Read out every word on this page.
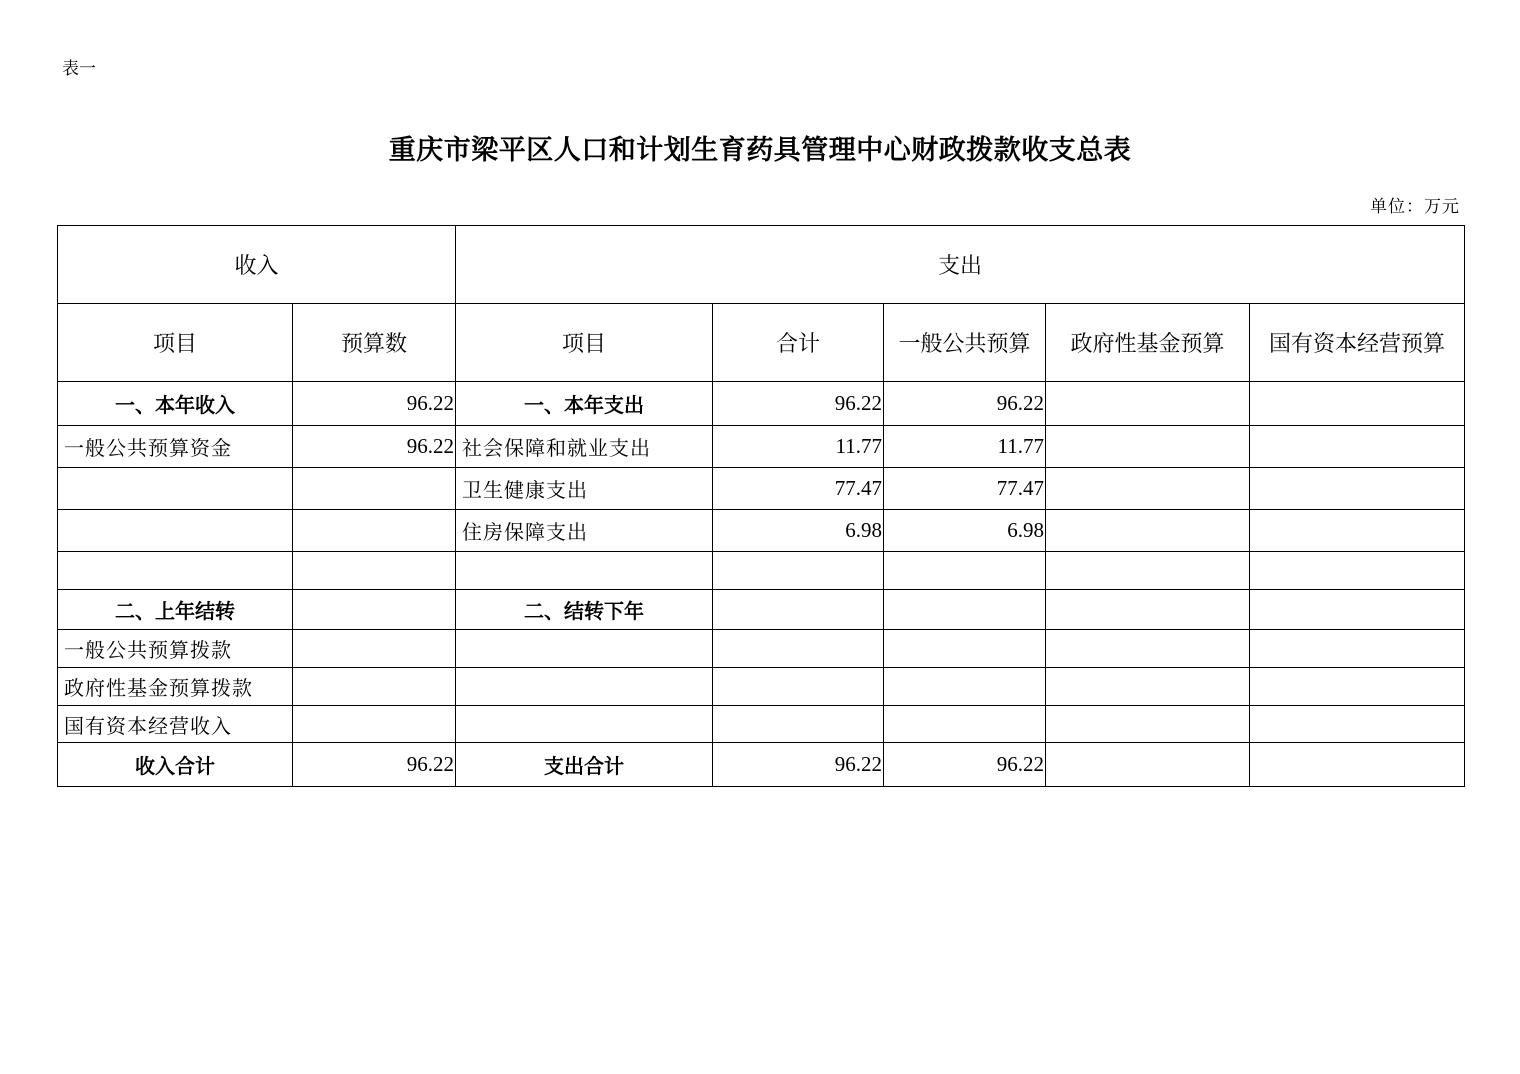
表一
重庆市梁平区人口和计划生育药具管理中心财政拨款收支总表
单位：万元
收入		支出				
项目	预算数	项目	合计	一般公共预算	政府性基金预算	国有资本经营预算
一、本年收入	96.22	一、本年支出	96.22	96.22		
一般公共预算资金	96.22	社会保障和就业支出	11.77	11.77		
		卫生健康支出	77.47	77.47		
		住房保障支出	6.98	6.98		

二、上年结转		二、结转下年				
一般公共预算拨款						
政府性基金预算拨款						
国有资本经营收入						
收入合计	96.22	支出合计	96.22	96.22		
